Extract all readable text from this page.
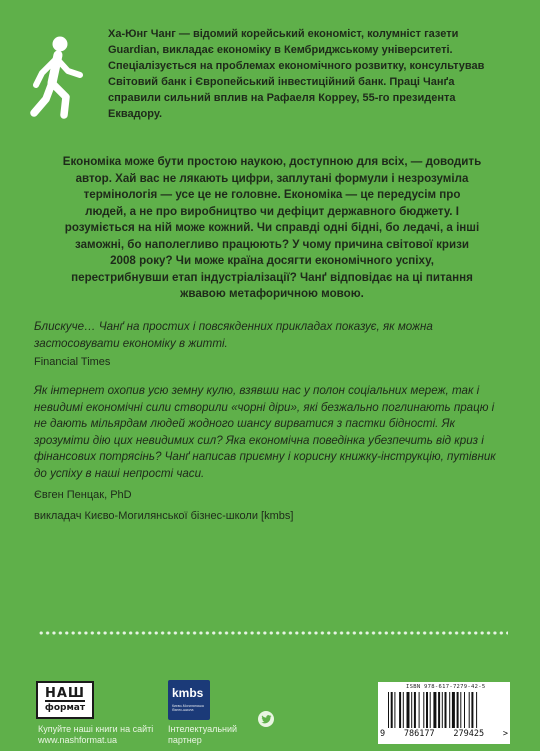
Ха-Юнг Чанг — відомий корейський економіст, колумніст газети Guardian, викладає економіку в Кембриджському університеті. Спеціалізується на проблемах економічного розвитку, консультував Світовий банк і Європейський інвестиційний банк. Праці Чанґа справили сильний вплив на Рафаеля Корреу, 55-го президента Еквадору.
Економіка може бути простою наукою, доступною для всіх, — доводить автор. Хай вас не лякають цифри, заплутані формули і незрозуміла термінологія — усе це не головне. Економіка — це передусім про людей, а не про виробництво чи дефіцит державного бюджету. І розуміється на ній може кожний. Чи справді одні бідні, бо ледачі, а інші заможні, бо наполегливо працюють? У чому причина світової кризи 2008 року? Чи може країна досягти економічного успіху, перестрибнувши етап індустріалізації? Чанґ відповідає на ці питання жвавою метафоричною мовою.
Блискуче… Чанґ на простих і повсякденних прикладах показує, як можна застосовувати економіку в житті.
Financial Times
Як інтернет охопив усю земну кулю, взявши нас у полон соціальних мереж, так і невидимі економічні сили створили «чорні діри», які безжально поглинають працю і не дають мільярдам людей жодного шансу вирватися з пастки бідності. Як зрозуміти дію цих невидимих сил? Яка економічна поведінка убезпечить від криз і фінансових потрясінь? Чанґ написав приємну і корисну книжку-інструкцію, путівник до успіху в наші непрості часи.
Євген Пенцак, PhD
викладач Києво-Могилянської бізнес-школи [kmbs]
НАШ
формат
Купуйте наші книги на сайті
www.nashformat.ua
kmbs
Києво-Могилянська бізнес-школа
Інтелектуальний
партнер
ISBN 978-617-7279-42-5
9 786177 279425 >
